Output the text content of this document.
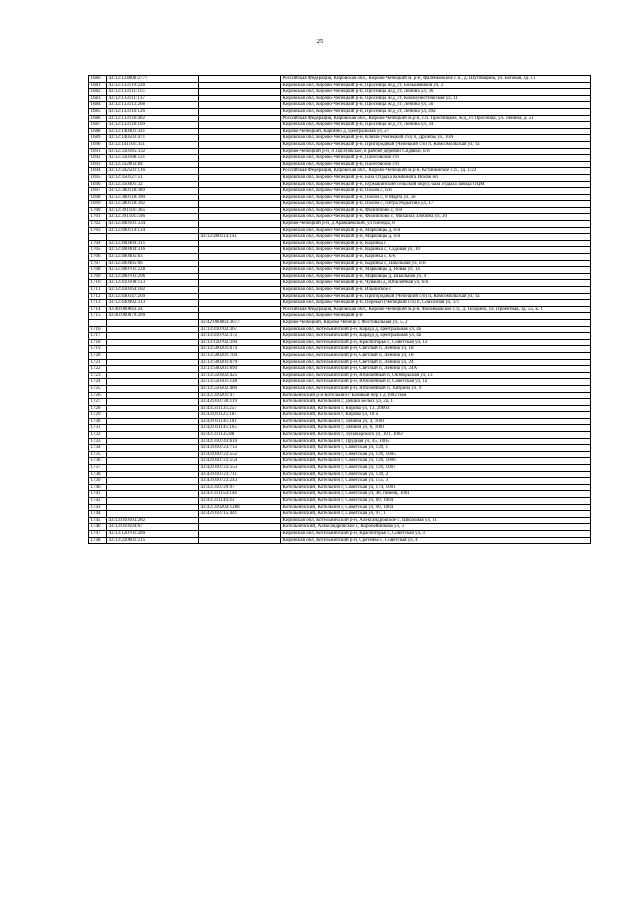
25
1680	43:12:124000:2777		Российская Федерация, Кировская обл., Кирово-Чепецкий м. р-н, Фаленковское с.п., д. Шутовщина, ул. Беговая, зд. 11
1681	43:12:133119:228		Кировская обл, Кирово-Чепецкий р-н, Просница ж/д_ст, Большевиков ул, 2
1682	43:12:133111:115		Кировская обл, Кирово-Чепецкий р-н, Просница ж/д_ст, Ленина ул, 36
1683	43:12:133111:137		Кировская обл, Кирово-Чепецкий р-н, Просница ж/д_ст, Коммунистическая ул, 11
1684	43:12:133113:268		Кировская обл, Кирово-Чепецкий р-н, Просница ж/д_ст, Ленина ул, 56
1685	43:12:133116:126		Кировская обл, Кирово-Чепецкий р-н, Просница ж/д_ст, Ленина ул, 49а
1686	43:12:133116:402		Российская Федерация, Кировская обл., Кирово-Чепецкий м.р-н, с.п. Просницкое, ж/д_ст Просница, ул. Ленина, д. 51
1687	43:12:133118:109		Кировская обл, Кирово-Чепецкий р-н, Просница ж/д_ст, Ленина ул, 34
1688	43:12:140401:341		Кирово-Чепецкий, Каринно д, Центральная ул, 27
1689	43:12:140503:471		Кировская обл, Кирово-Чепецкий р-н, Ключи (Чепецкий с/о) п, Дружбы ул, 10А
1690	43:12:141101:351		Кировская обл, Кирово-Чепецкий р-н, Пригородный (Чепецкий с/о) п, Комсомольская ул, 1а
1691	43:12:330185:332		Кирово-Чепецкий р-н, п Пасеговское, в районе деревни Сидявки, б/н
1692	43:12:330188:121		Кировская обл, Кирово-Чепецкий р-н, Пасеговское с/п
1693	43:12:332803:84		Кировская обл, Кирово-Чепецкий р-н, Пасеговское с/п
1694	43:12:342501:116		Российская Федерация, Кировская обл., Кирово-Чепецкий м.р-н, Кстининское с.п., зд. 1/22
1695	43:12:350127:51		Кировская обл, Кирово-Чепецкий р-н, База Отдыха Комбината Искож нп
1696	43:12:350401:32		Кировская обл, Кирово-Чепецкий р-н, Бурмакинский сельский округ, база отдыха завода ОЦМ
1697	43:12:380118:389		Кировская обл, Кирово-Чепецкий р-н, Полом с, б/н
1698	43:12:380118:390		Кировская обл, Кирово-Чепецкий р-н, Полом с, 8 Марта ул, 3е
1699	43:12:380118:392		Кировская обл, Кирово-Чепецкий р-н, Полом с, Петра Родыгина ул, 17
1700	43:12:391101:365		Кировская обл, Кирово-Чепецкий р-н, Филиппово с, б/н
1701	43:12:391101:596		Кировская обл, Кирово-Чепецкий р-н, Филиппово с, Михаила Злобина ул, 20
1702	43:12:400101:334		Кирово-Чепецкий р-н, д Араншевский, ул Победы, 8
1703	43:12:400114:134		Кировская обл, Кирово-Чепецкий р-н, Марковцы д, б/н
		43:12:400114:141	Кировская обл, Кирово-Чепецкий р-н, Марковцы д, б/н
1704	43:12:400404:315		Кировская обл, Кирово-Чепецкий р-н, Каринка с
1705	43:12:400404:316		Кировская обл, Кирово-Чепецкий р-н, Каринка с, Садовая ул, 10
1706	43:12:400405:63		Кировская обл, Кирово-Чепецкий р-н, Каринка с, б/н
1707	43:12:400405:66		Кировская обл, Кирово-Чепецкий р-н, Каринка с, Школьная ул, б/н
1708	43:12:400701:228		Кировская обл, Кирово-Чепецкий р-н, Марковцы д, Новая ул, 1а
1709	43:12:400701:296		Кировская обл, Кирово-Чепецкий р-н, Марковцы д, Школьная ул, 4
1710	43:12:410108:113		Кировская обл, Кирово-Чепецкий р-н, Чуваши д, Юбилейная ул, б/н
1711	43:12:430164:182		Кировская обл, Кирово-Чепецкий р-н, Ильинское с
1712	43:12:440147:269		Кировская обл, Кирово-Чепецкий р-н, Пригородный (Чепецкий с/о) п, Комсомольская ул, 1а
1713	43:12:440902:313		Кировская обл, Кирово-Чепецкий р-н, Перекоп (Чепецкий с/о) п, Совхозная ул, 1/1
1714	43:40:000843:24		Российская Федерация, Кировская обл., Кирово-Чепецкий м.р-н, Фаленковское с.п., д. Поздино, ул. Проектная, зд. 55, к. 1
1715	43:40:000879:209		Кировская обл, Кирово-Чепецкий р-н
		43:42:000063:3677	Кирово-Чепецкий, Кирово-Чепецк г, Фестивальная ул, 5, 2
1716		43:13:410702:367	Кировская обл, Котельничский р-н, Карауд д, Центральная ул, 4а
1717		43:13:410702:372	Кировская обл, Котельничский р-н, Карауд д, Центральная ул, 4а
1718		43:13:120702:394	Кировская обл, Котельничский р-н, Красногорье с, Советская ул, 12
1719		43:13:500201:674	Кировская обл, Котельничский р-н, Светлый п, Ленина ул, 18
1720		43:13:500201:704	Кировская обл, Котельничский р-н, Светлый п, Ленина ул, 18
1721		43:13:500201:679	Кировская обл, Котельничский р-н, Светлый п, Ленина ул, 24
1722		43:13:500201:694	Кировская обл, Котельничский р-н, Светлый п, Ленина ул, 24А
1723		43:13:550502:425	Кировская обл, Котельничский р-н, Юбилейный п, Октябрьская ул, 13
1724		43:13:550501:148	Кировская обл, Котельничский р-н, Юбилейный п, Советская ул, 1а
1725		43:13:550502:489	Кировская обл, Котельничский р-н, Юбилейный п, Хвтрина ул, 9
1726		43:43:310201:47	Котельничский р-н Котельнич г Базовый пер 1 д 1002 пом
1727		43:43:010730:119	Котельничский, Котельнич г, Дешки Белых ул, 2а, 1
1728		43:43:311135:257	Котельничский, Котельнич г, Кирова ул, 13, 20003
1729		43:43:011125:187	Котельничский, Котельнич г, Кирова ул, 18 а
1730		43:43:011145:101	Котельничский, Котельнич г, Ленина ул, 4, 1001
1731		43:43:011145:165	Котельничский, Котельнич г, Ленина ул, 6, 1001
1732		43:43:311135:88	Котельничский, Котельнич г, Луначарского ул, 101, 1002
1733		43:43:310743:616	Котельничский, Котельнич г, Прудная ул, 45, 1005
1734		43:43:010723:712	Котельничский, Котельнич г, Советская ул, 139, 1
1735		43:43:010723:552	Котельничский, Котельнич г, Советская ул, 139, 1005
1736		43:43:010723:554	Котельничский, Котельнич г, Советская ул, 139, 1006
1737		43:43:010723:553	Котельничский, Котельнич г, Советская ул, 139, 1007
1738		43:43:010723:711	Котельничский, Котельнич г, Советская ул, 139, 2
1739		43:43:010723:243	Котельничский, Котельнич г, Советская ул, 155, 3
1740		43:43:310729:97	Котельничский, Котельнич г, Советская ул, 174, 1001
1741		43:43:311154:144	Котельничский, Котельнич г, Советская ул, 48, помещ. 1001
1742		43:43:311144:43	Котельничский, Котельнич г, Советская ул, 89, 1004
1743		43:43:310204:1288	Котельничский, Котельнич г, Советская ул, 90, 1004
1744		43:43:010715:441	Котельничский, Котельнич г, Советская ул, 97, 1
1745	43:13:010103:282		Кировская обл, Котельничский р-н, Александровское с, Школьная ул, 11
1746	43:13:010104:67		Котельничский, Александровское с, Коробейникова ул, 3
1747	43:13:120701:289		Кировская обл, Котельничский р-н, Красногорье с, Советская ул, 3
1748	43:13:220601:215		Кировская обл, Котельничский р-н, Сретенье с, Советская ул, 4
